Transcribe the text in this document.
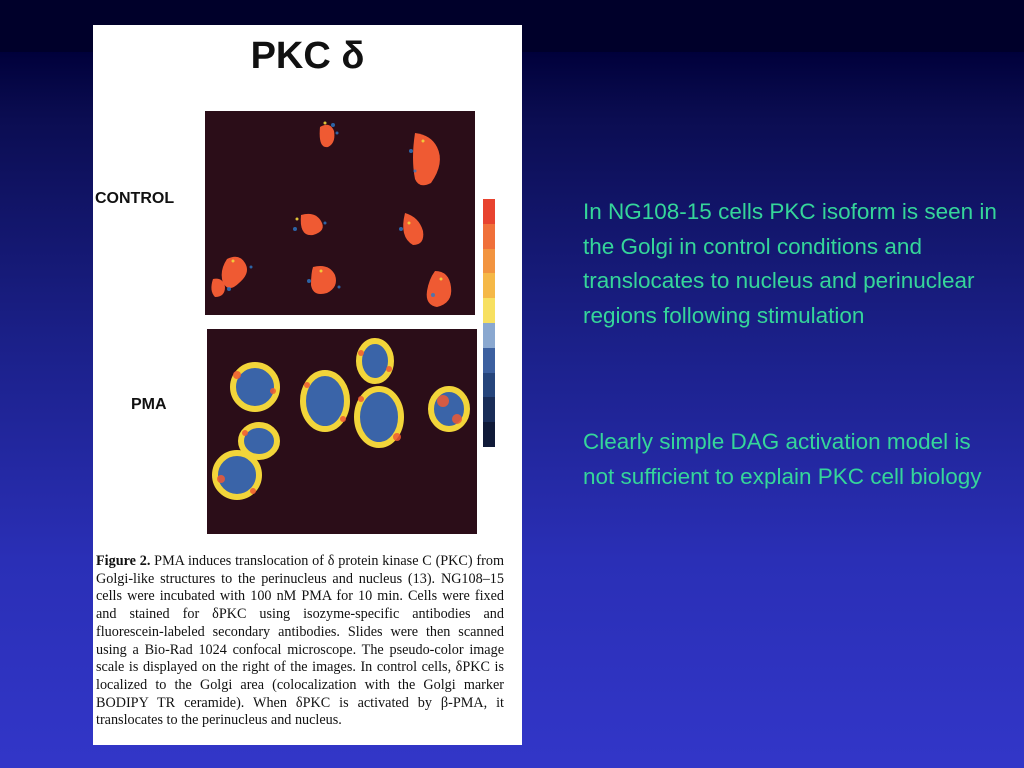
PKC δ
CONTROL
PMA
Figure 2. PMA induces translocation of δ protein kinase C (PKC) from Golgi-like structures to the perinucleus and nucleus (13). NG108–15 cells were incubated with 100 nM PMA for 10 min. Cells were fixed and stained for δPKC using isozyme-specific antibodies and fluorescein-labeled secondary antibodies. Slides were then scanned using a Bio-Rad 1024 confocal microscope. The pseudo-color image scale is displayed on the right of the images. In control cells, δPKC is localized to the Golgi area (colocalization with the Golgi marker BODIPY TR ceramide). When δPKC is activated by β-PMA, it translocates to the perinucleus and nucleus.

In NG108-15 cells PKC isoform is seen in the Golgi in control conditions and translocates to nucleus and perinuclear regions following stimulation

Clearly simple DAG activation model is not sufficient to explain PKC cell biology
